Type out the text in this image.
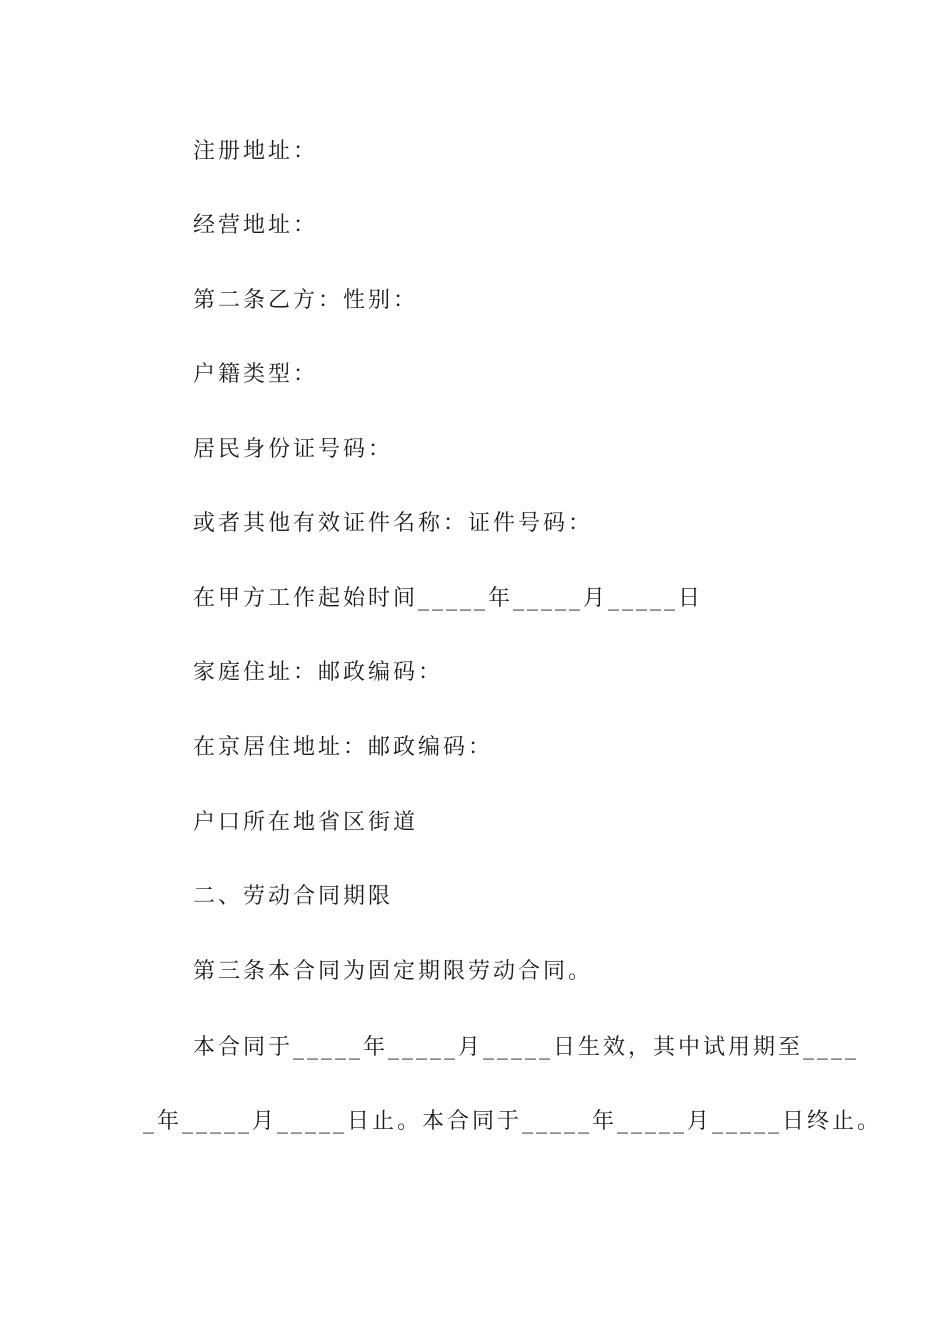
注册地址：
经营地址：
第二条乙方：性别：
户籍类型：
居民身份证号码：
或者其他有效证件名称：证件号码：
在甲方工作起始时间_____年_____月_____日
家庭住址：邮政编码：
在京居住地址：邮政编码：
户口所在地省区街道
二、劳动合同期限
第三条本合同为固定期限劳动合同。
本合同于_____年_____月_____日生效，其中试用期至____
_年_____月_____日止。本合同于_____年_____月_____日终止。
